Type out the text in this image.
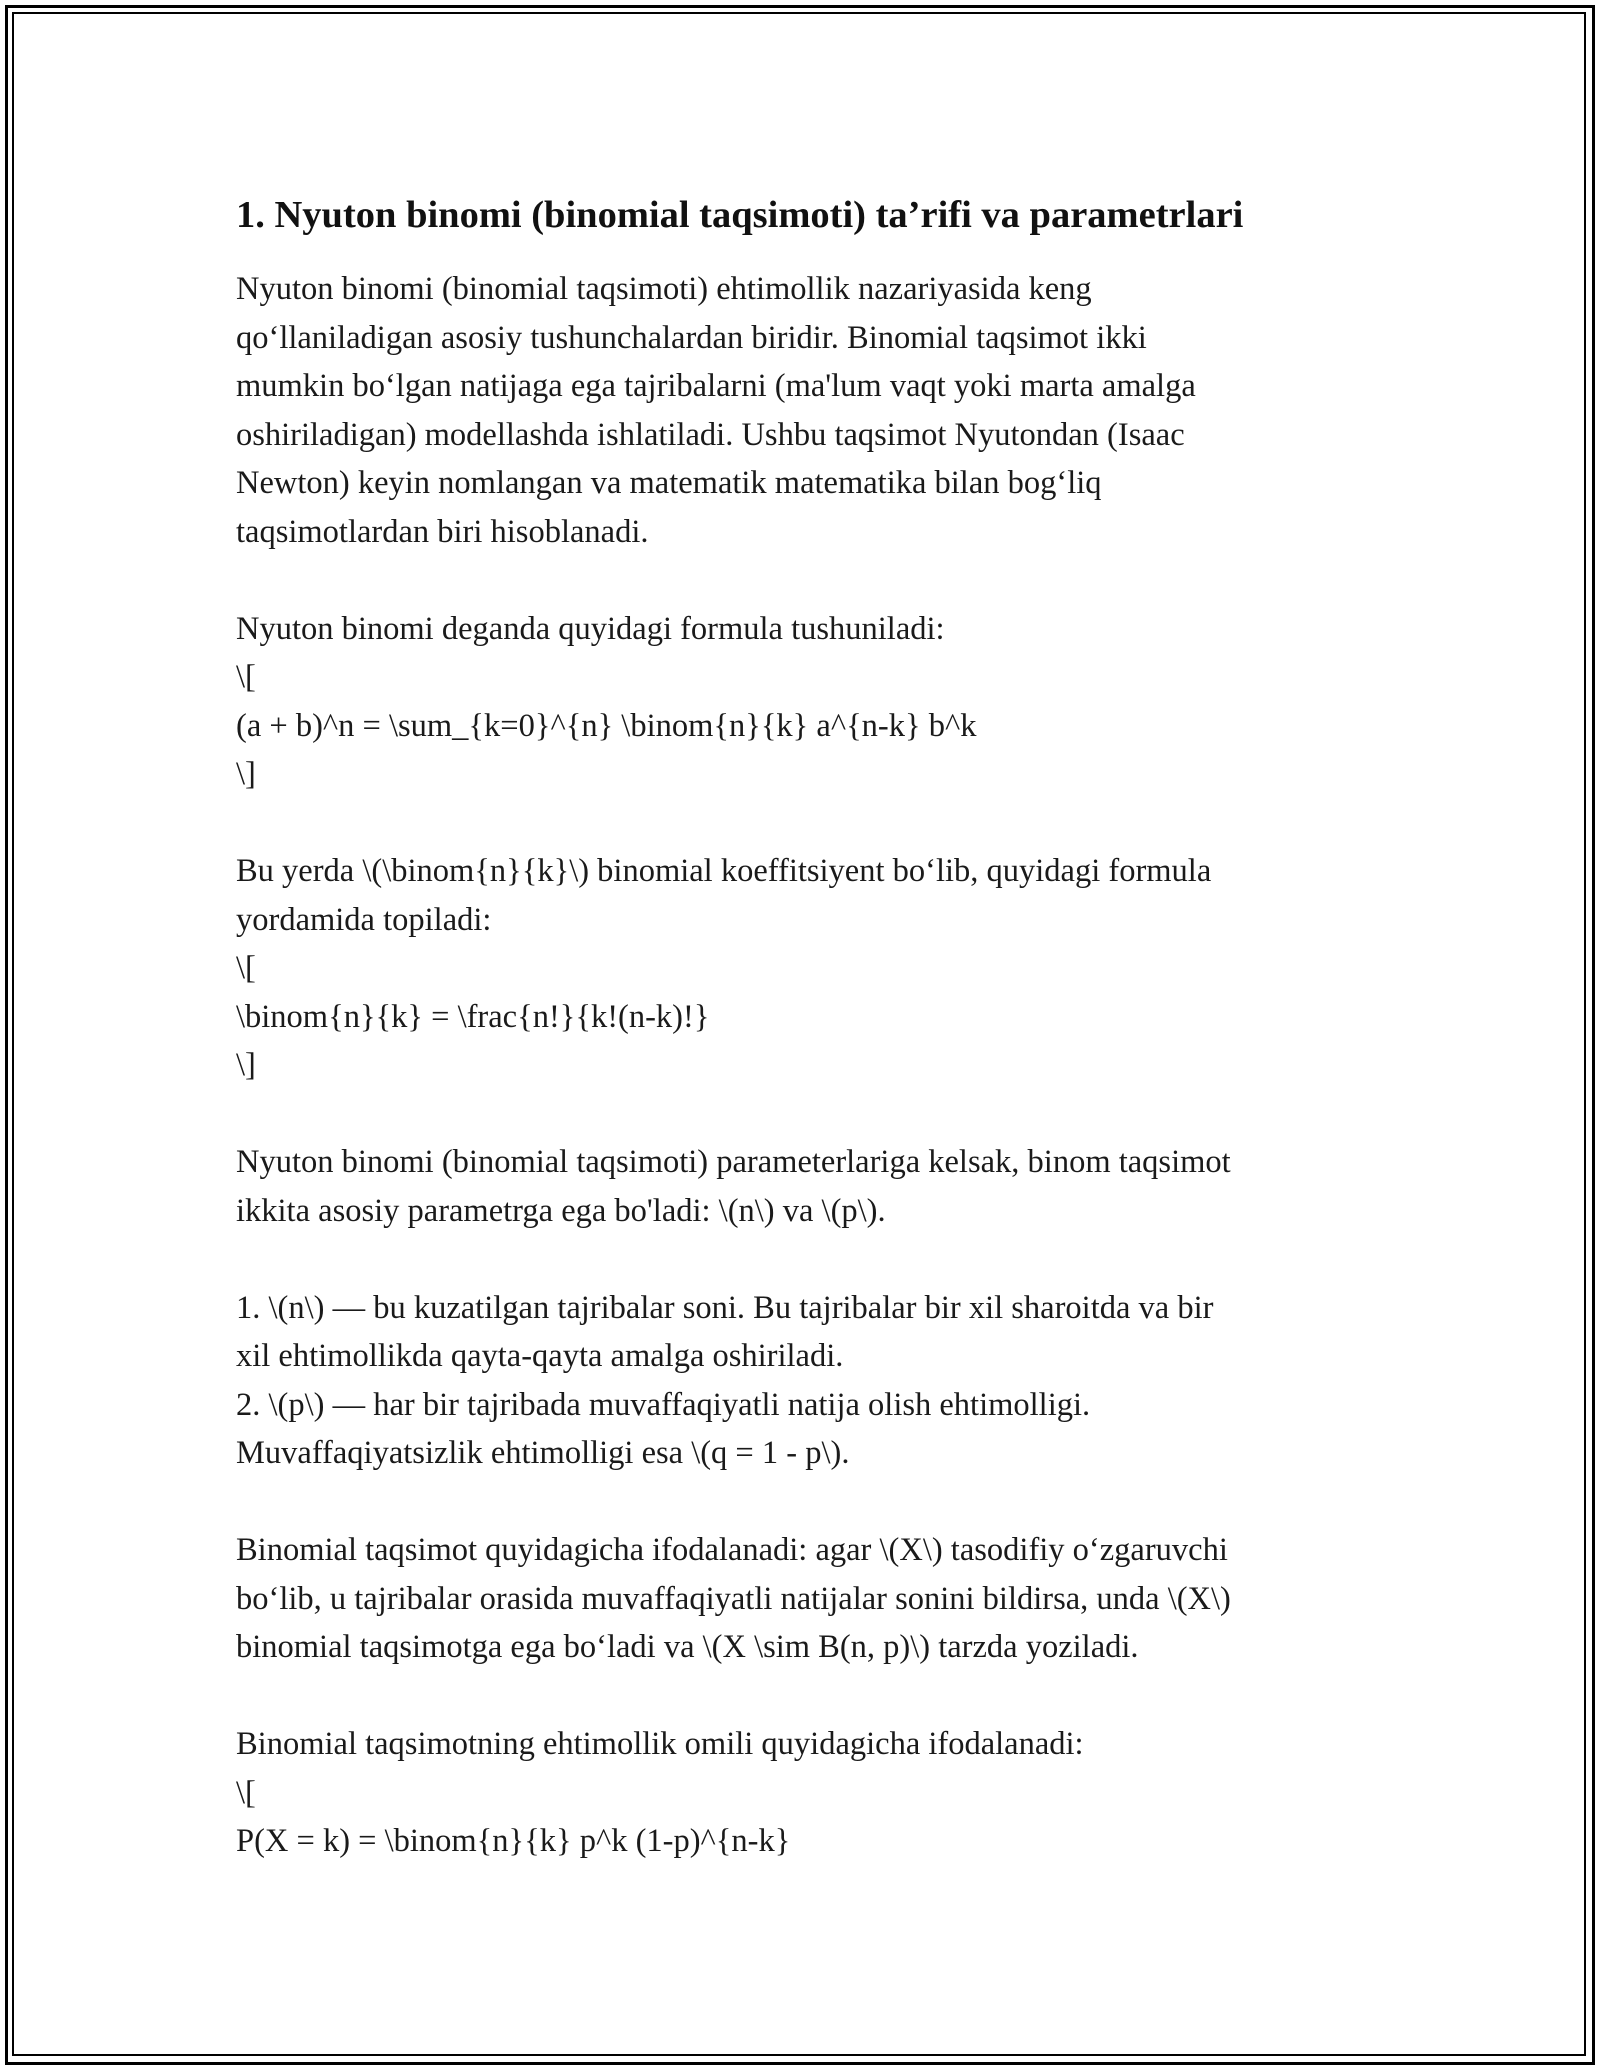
1. Nyuton binomi (binomial taqsimoti) ta’rifi va parametrlari
Nyuton binomi (binomial taqsimoti) ehtimollik nazariyasida keng
qo‘llaniladigan asosiy tushunchalardan biridir. Binomial taqsimot ikki
mumkin bo‘lgan natijaga ega tajribalarni (ma'lum vaqt yoki marta amalga
oshiriladigan) modellashda ishlatiladi. Ushbu taqsimot Nyutondan (Isaac
Newton) keyin nomlangan va matematik matematika bilan bog‘liq
taqsimotlardan biri hisoblanadi.
Nyuton binomi deganda quyidagi formula tushuniladi:
\[
(a + b)^n = \sum_{k=0}^{n} \binom{n}{k} a^{n-k} b^k
\]
Bu yerda \(\binom{n}{k}\) binomial koeffitsiyent bo‘lib, quyidagi formula
yordamida topiladi:
\[
\binom{n}{k} = \frac{n!}{k!(n-k)!}
\]
Nyuton binomi (binomial taqsimoti) parameterlariga kelsak, binom taqsimot
ikkita asosiy parametrga ega bo'ladi: \(n\) va \(p\).
1. \(n\) — bu kuzatilgan tajribalar soni. Bu tajribalar bir xil sharoitda va bir
xil ehtimollikda qayta-qayta amalga oshiriladi.
2. \(p\) — har bir tajribada muvaffaqiyatli natija olish ehtimolligi.
Muvaffaqiyatsizlik ehtimolligi esa \(q = 1 - p\).
Binomial taqsimot quyidagicha ifodalanadi: agar \(X\) tasodifiy o‘zgaruvchi
bo‘lib, u tajribalar orasida muvaffaqiyatli natijalar sonini bildirsa, unda \(X\)
binomial taqsimotga ega bo‘ladi va \(X \sim B(n, p)\) tarzda yoziladi.
Binomial taqsimotning ehtimollik omili quyidagicha ifodalanadi:
\[
P(X = k) = \binom{n}{k} p^k (1-p)^{n-k}
